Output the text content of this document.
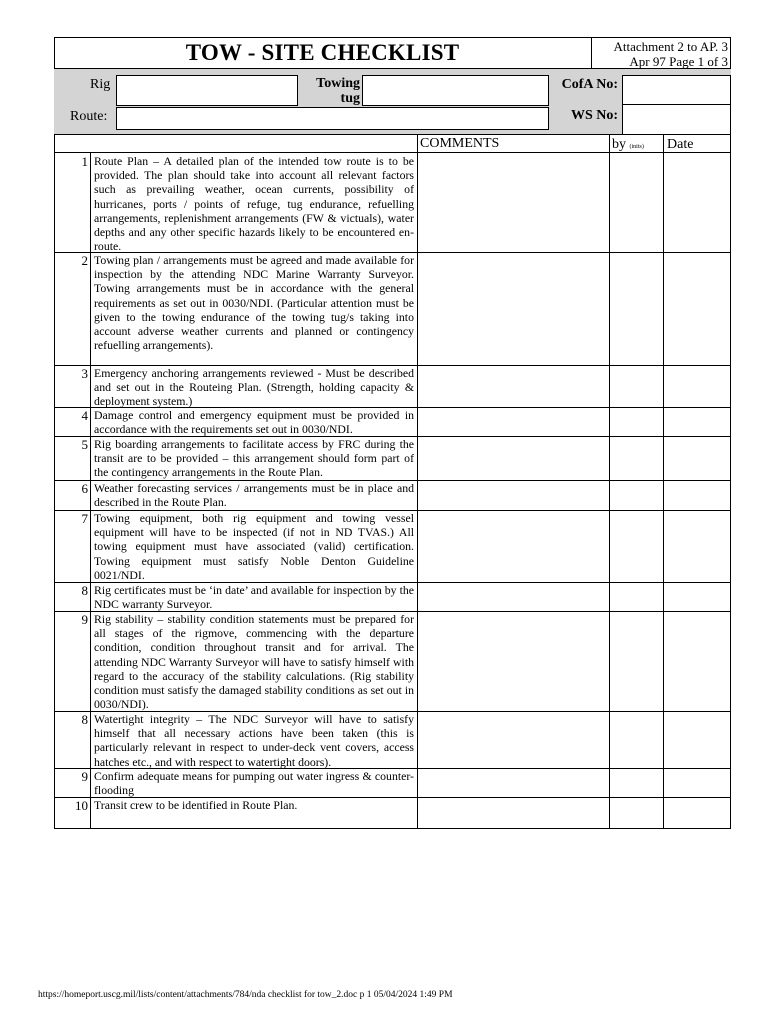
TOW - SITE CHECKLIST	Attachment 2 to AP. 3
Apr 97 Page 1 of 3
Rig	Towing
tug
CofA No:
Route:	WS No:
COMMENTS	by (inits) Date
1 Route Plan – A detailed plan of the intended tow route is to be provided. The plan should take into account all relevant factors such as prevailing weather, ocean currents, possibility of hurricanes, ports / points of refuge, tug endurance, refuelling arrangements, replenishment arrangements (FW & victuals), water depths and any other specific hazards likely to be encountered en-route.
2 Towing plan / arrangements must be agreed and made available for inspection by the attending NDC Marine Warranty Surveyor. Towing arrangements must be in accordance with the general requirements as set out in 0030/NDI. (Particular attention must be given to the towing endurance of the towing tug/s taking into account adverse weather currents and planned or contingency refuelling arrangements).
3 Emergency anchoring arrangements reviewed - Must be described and set out in the Routeing Plan. (Strength, holding capacity & deployment system.)
4 Damage control and emergency equipment must be provided in accordance with the requirements set out in 0030/NDI.
5 Rig boarding arrangements to facilitate access by FRC during the transit are to be provided – this arrangement should form part of the contingency arrangements in the Route Plan.
6 Weather forecasting services / arrangements must be in place and described in the Route Plan.
7 Towing equipment, both rig equipment and towing vessel equipment will have to be inspected (if not in ND TVAS.) All towing equipment must have associated (valid) certification. Towing equipment must satisfy Noble Denton Guideline 0021/NDI.
8 Rig certificates must be ‘in date’ and available for inspection by the NDC warranty Surveyor.
9 Rig stability – stability condition statements must be prepared for all stages of the rigmove, commencing with the departure condition, condition throughout transit and for arrival. The attending NDC Warranty Surveyor will have to satisfy himself with regard to the accuracy of the stability calculations. (Rig stability condition must satisfy the damaged stability conditions as set out in 0030/NDI).
8 Watertight integrity – The NDC Surveyor will have to satisfy himself that all necessary actions have been taken (this is particularly relevant in respect to under-deck vent covers, access hatches etc., and with respect to watertight doors).
9 Confirm adequate means for pumping out water ingress & counter-flooding
10 Transit crew to be identified in Route Plan.
https://homeport.uscg.mil/lists/content/attachments/784/nda checklist for tow_2.doc p 1 05/04/2024 1:49 PM
